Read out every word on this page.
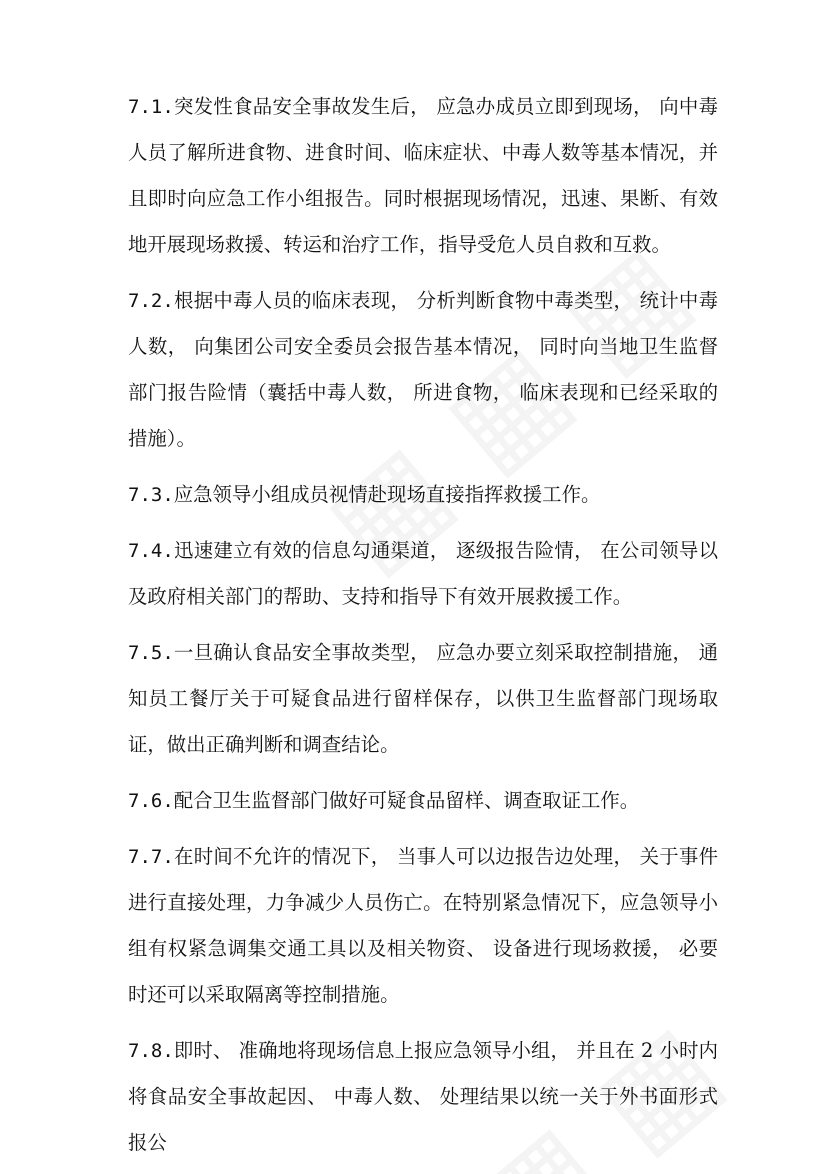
7.1.突发性食品安全事故发生后， 应急办成员立即到现场， 向中毒人员了解所进食物、进食时间、临床症状、中毒人数等基本情况，并且即时向应急工作小组报告。同时根据现场情况，迅速、果断、有效地开展现场救援、转运和治疗工作，指导受危人员自救和互救。

7.2.根据中毒人员的临床表现， 分析判断食物中毒类型， 统计中毒人数， 向集团公司安全委员会报告基本情况， 同时向当地卫生监督部门报告险情（囊括中毒人数， 所进食物， 临床表现和已经采取的措施）。

7.3.应急领导小组成员视情赴现场直接指挥救援工作。

7.4.迅速建立有效的信息勾通渠道， 逐级报告险情， 在公司领导以及政府相关部门的帮助、支持和指导下有效开展救援工作。

7.5.一旦确认食品安全事故类型， 应急办要立刻采取控制措施， 通知员工餐厅关于可疑食品进行留样保存，以供卫生监督部门现场取证，做出正确判断和调查结论。

7.6.配合卫生监督部门做好可疑食品留样、调查取证工作。

7.7.在时间不允许的情况下， 当事人可以边报告边处理， 关于事件进行直接处理，力争减少人员伤亡。在特别紧急情况下，应急领导小组有权紧急调集交通工具以及相关物资、 设备进行现场救援， 必要时还可以采取隔离等控制措施。

7.8.即时、 准确地将现场信息上报应急领导小组， 并且在 2 小时内将食品安全事故起因、 中毒人数、 处理结果以统一关于外书面形式报公
